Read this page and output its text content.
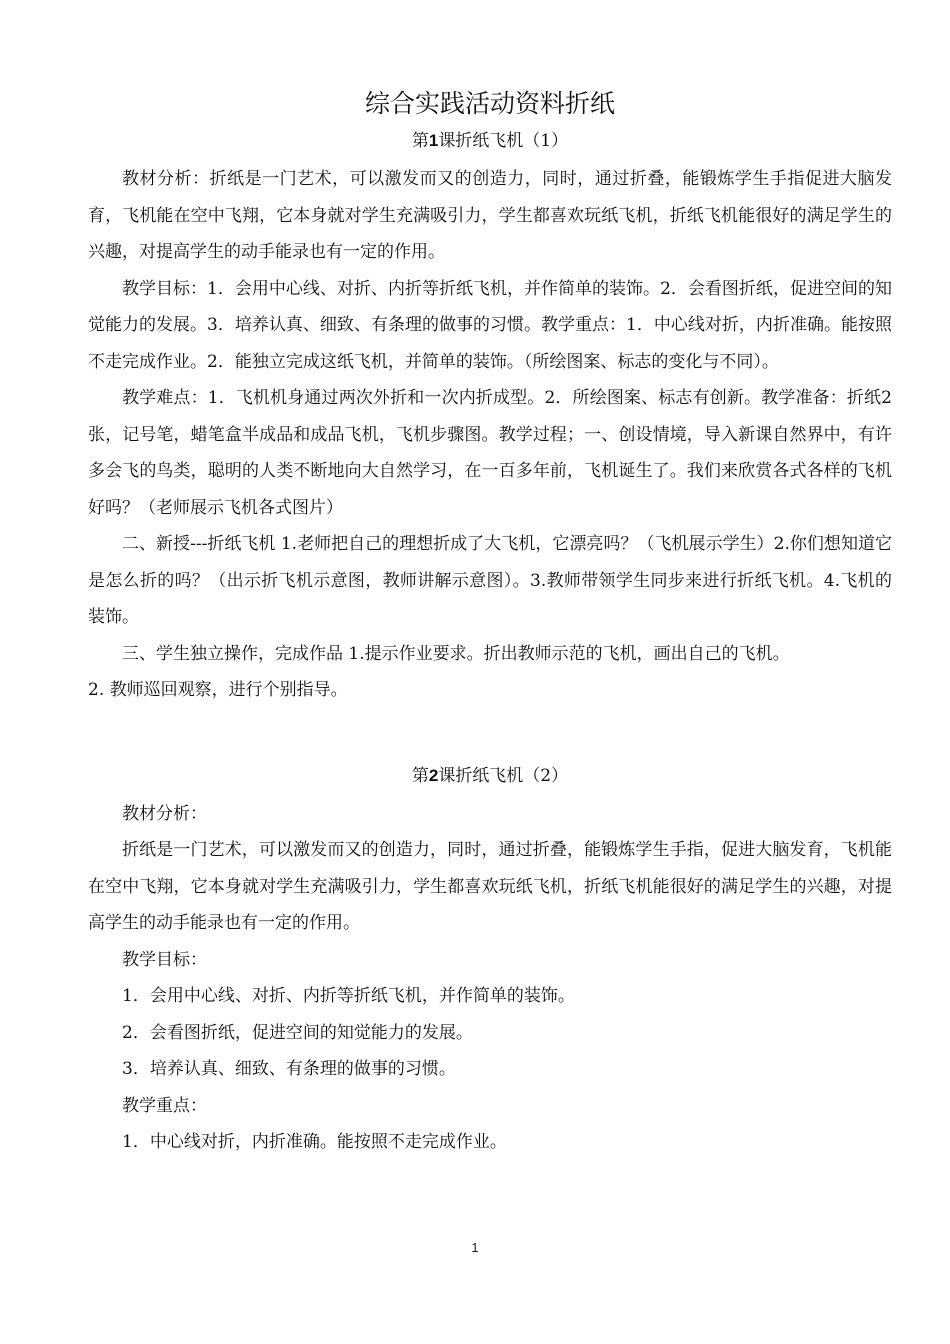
综合实践活动资料折纸
第1课折纸飞机（1）

教材分析：折纸是一门艺术，可以激发而又的创造力，同时，通过折叠，能锻炼学生手指促进大脑发育，飞机能在空中飞翔，它本身就对学生充满吸引力，学生都喜欢玩纸飞机，折纸飞机能很好的满足学生的兴趣，对提高学生的动手能录也有一定的作用。

教学目标：1．会用中心线、对折、内折等折纸飞机，并作简单的装饰。2．会看图折纸，促进空间的知觉能力的发展。3．培养认真、细致、有条理的做事的习惯。教学重点：1．中心线对折，内折准确。能按照不走完成作业。2．能独立完成这纸飞机，并简单的装饰。（所绘图案、标志的变化与不同）。

教学难点：1．飞机机身通过两次外折和一次内折成型。2．所绘图案、标志有创新。教学准备：折纸2张，记号笔，蜡笔盒半成品和成品飞机，飞机步骤图。教学过程；一、创设情境，导入新课自然界中，有许多会飞的鸟类，聪明的人类不断地向大自然学习，在一百多年前，飞机诞生了。我们来欣赏各式各样的飞机好吗？（老师展示飞机各式图片）

二、新授---折纸飞机 1.老师把自己的理想折成了大飞机，它漂亮吗？（飞机展示学生）2.你们想知道它是怎么折的吗？（出示折飞机示意图，教师讲解示意图）。3.教师带领学生同步来进行折纸飞机。4.飞机的装饰。

三、学生独立操作，完成作品 1.提示作业要求。折出教师示范的飞机，画出自己的飞机。

2. 教师巡回观察，进行个别指导。

第2课折纸飞机（2）

教材分析：

折纸是一门艺术，可以激发而又的创造力，同时，通过折叠，能锻炼学生手指，促进大脑发育，飞机能在空中飞翔，它本身就对学生充满吸引力，学生都喜欢玩纸飞机，折纸飞机能很好的满足学生的兴趣，对提高学生的动手能录也有一定的作用。

教学目标：

1．会用中心线、对折、内折等折纸飞机，并作简单的装饰。

2．会看图折纸，促进空间的知觉能力的发展。

3．培养认真、细致、有条理的做事的习惯。

教学重点：

1．中心线对折，内折准确。能按照不走完成作业。

1
